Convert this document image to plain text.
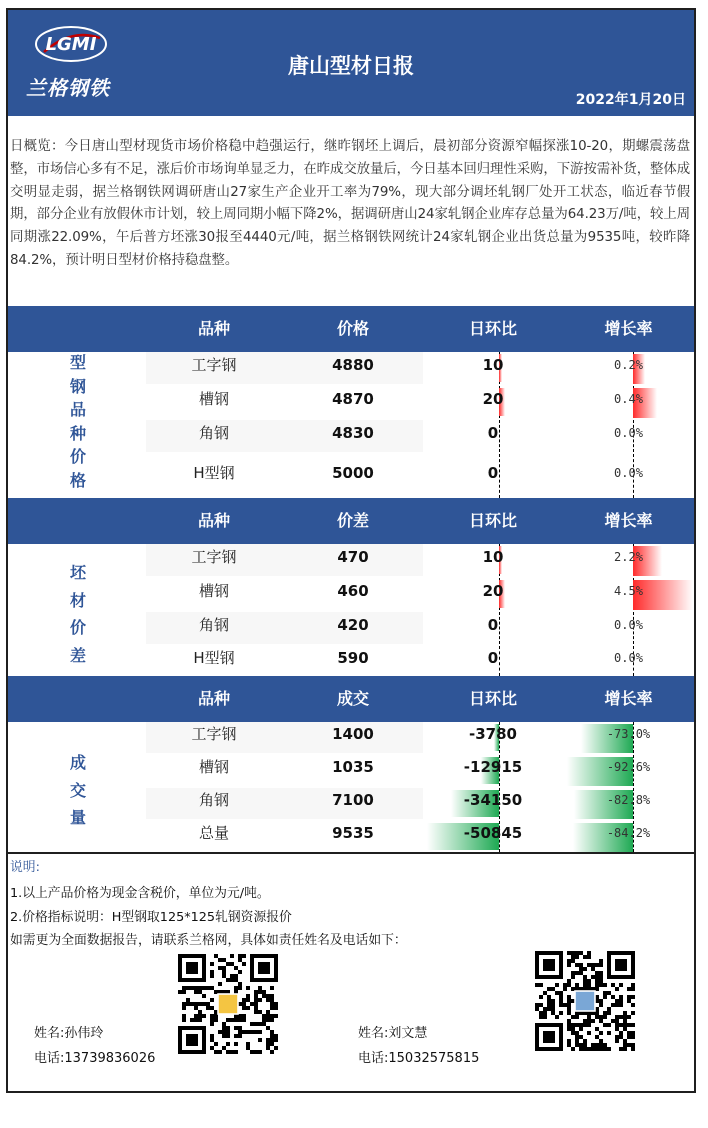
LGMI
兰格钢铁
唐山型材日报
2022年1月20日
日概览：今日唐山型材现货市场价格稳中趋强运行，继昨钢坯上调后，晨初部分资源窄幅探涨10-20，期螺震荡盘整，市场信心多有不足，涨后价市场询单显乏力，在昨成交放量后，今日基本回归理性采购，下游按需补货，整体成交明显走弱，据兰格钢铁网调研唐山27家生产企业开工率为79%，现大部分调坯轧钢厂处开工状态，临近春节假期，部分企业有放假休市计划，较上周同期小幅下降2%，据调研唐山24家轧钢企业库存总量为64.23万/吨，较上周同期涨22.09%，午后普方坯涨30报至4440元/吨，据兰格钢铁网统计24家轧钢企业出货总量为9535吨，较昨降84.2%，预计明日型材价格持稳盘整。
品种	价格	日环比	增长率
型
钢
品
种
价
格
工字钢	4880	10	0.2%
槽钢	4870	20	0.4%
角钢	4830	0	0.0%
H型钢	5000	0	0.0%
品种	价差	日环比	增长率
坯
材
价
差
工字钢	470	10	2.2%
槽钢	460	20	4.5%
角钢	420	0	0.0%
H型钢	590	0	0.0%
品种	成交	日环比	增长率
成
交
量
工字钢	1400	-3780	-73.0%
槽钢	1035	-12915	-92.6%
角钢	7100	-34150	-82.8%
总量	9535	-50845	-84.2%

说明:

1.以上产品价格为现金含税价，单位为元/吨。

2.价格指标说明：H型钢取125*125轧钢资源报价

如需更为全面数据报告，请联系兰格网，具体如责任姓名及电话如下：

姓名:孙伟玲
电话:13739836026
姓名:刘文慧
电话:15032575815
